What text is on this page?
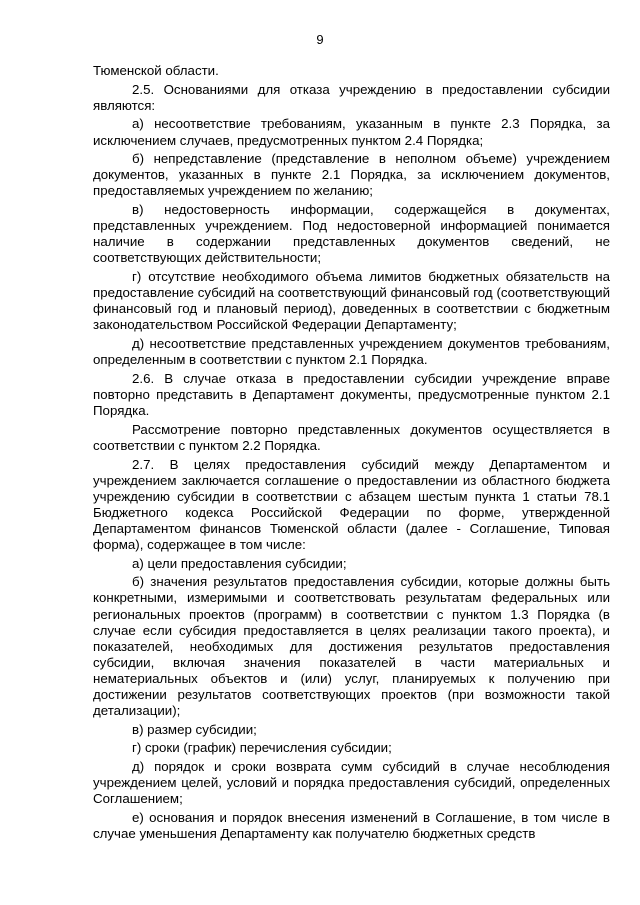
9

Тюменской области.

2.5. Основаниями для отказа учреждению в предоставлении субсидии являются:

а) несоответствие требованиям, указанным в пункте 2.3 Порядка, за исключением случаев, предусмотренных пунктом 2.4 Порядка;

б) непредставление (представление в неполном объеме) учреждением документов, указанных в пункте 2.1 Порядка, за исключением документов, предоставляемых учреждением по желанию;

в) недостоверность информации, содержащейся в документах, представленных учреждением. Под недостоверной информацией понимается наличие в содержании представленных документов сведений, не соответствующих действительности;

г) отсутствие необходимого объема лимитов бюджетных обязательств на предоставление субсидий на соответствующий финансовый год (соответствующий финансовый год и плановый период), доведенных в соответствии с бюджетным законодательством Российской Федерации Департаменту;

д) несоответствие представленных учреждением документов требованиям, определенным в соответствии с пунктом 2.1 Порядка.

2.6. В случае отказа в предоставлении субсидии учреждение вправе повторно представить в Департамент документы, предусмотренные пунктом 2.1 Порядка.

Рассмотрение повторно представленных документов осуществляется в соответствии с пунктом 2.2 Порядка.

2.7. В целях предоставления субсидий между Департаментом и учреждением заключается соглашение о предоставлении из областного бюджета учреждению субсидии в соответствии с абзацем шестым пункта 1 статьи 78.1 Бюджетного кодекса Российской Федерации по форме, утвержденной Департаментом финансов Тюменской области (далее - Соглашение, Типовая форма), содержащее в том числе:

а) цели предоставления субсидии;

б) значения результатов предоставления субсидии, которые должны быть конкретными, измеримыми и соответствовать результатам федеральных или региональных проектов (программ) в соответствии с пунктом 1.3 Порядка (в случае если субсидия предоставляется в целях реализации такого проекта), и показателей, необходимых для достижения результатов предоставления субсидии, включая значения показателей в части материальных и нематериальных объектов и (или) услуг, планируемых к получению при достижении результатов соответствующих проектов (при возможности такой детализации);

в) размер субсидии;

г) сроки (график) перечисления субсидии;

д) порядок и сроки возврата сумм субсидий в случае несоблюдения учреждением целей, условий и порядка предоставления субсидий, определенных Соглашением;

е) основания и порядок внесения изменений в Соглашение, в том числе в случае уменьшения Департаменту как получателю бюджетных средств
